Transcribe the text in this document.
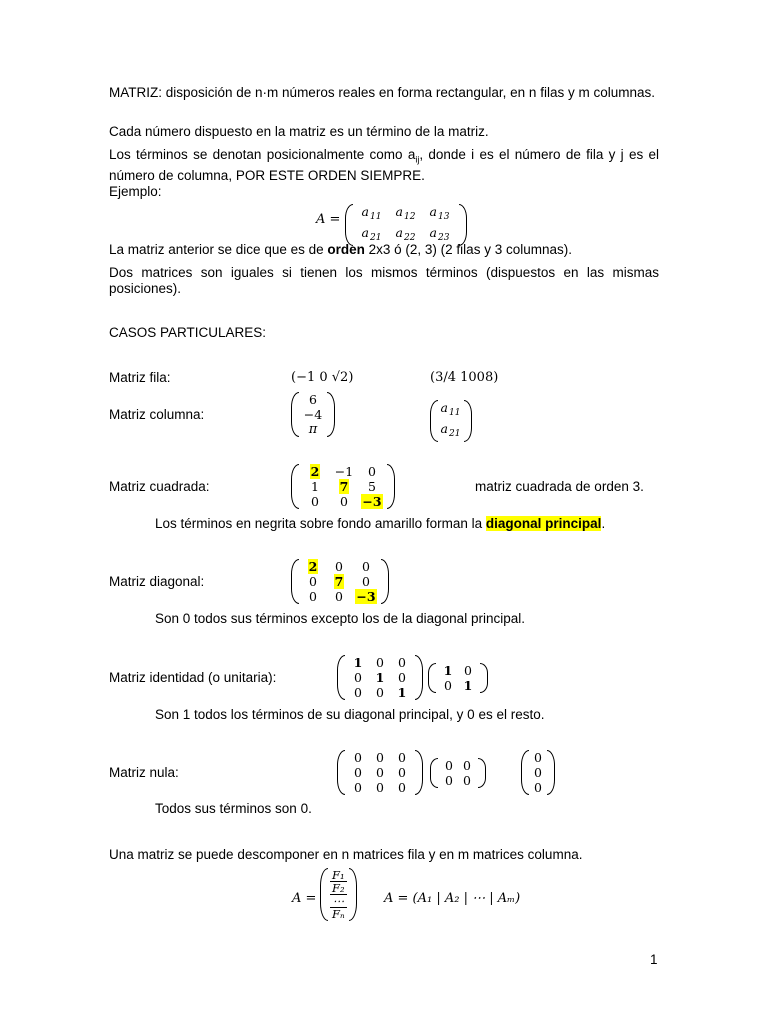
MATRIZ: disposición de n·m números reales en forma rectangular, en n filas y m columnas.

Cada número dispuesto en la matriz es un término de la matriz.

Los términos se denotan posicionalmente como $a_{ij}$, donde i es el número de fila y j es el número de columna, POR ESTE ORDEN SIEMPRE.

Ejemplo:
A =
$a_{11}$ $a_{12}$ $a_{13}$
$a_{21}$ $a_{22}$ $a_{23}$

La matriz anterior se dice que es de orden 2x3 ó (2, 3) (2 filas y 3 columnas).

Dos matrices son iguales si tienen los mismos términos (dispuestos en las mismas posiciones).

CASOS PARTICULARES:
Matriz fila:	(−1 0 √2)	(3/4 1008)
Matriz columna:
6
−4
π
$a_{11}$
$a_{21}$
Matriz cuadrada:
2 −1 0
1 7 5
0 0 −3
matriz cuadrada de orden 3.
Los términos en negrita sobre fondo amarillo forman la diagonal principal.
Matriz diagonal:
2 0 0
0 7 0
0 0 −3
Son 0 todos sus términos excepto los de la diagonal principal.
Matriz identidad (o unitaria):
1 0 0
0 1 0
0 0 1
1 0
0 1
Son 1 todos los términos de su diagonal principal, y 0 es el resto.
Matriz nula:
0 0 0
0 0 0
0 0 0
0 0
0 0
0
0
0
Todos sus términos son 0.
Una matriz se puede descomponer en n matrices fila y en m matrices columna.
A =
F₁
F₂
⋯
Fₙ
A = (A₁ | A₂ | ⋯ | Aₘ)
1
